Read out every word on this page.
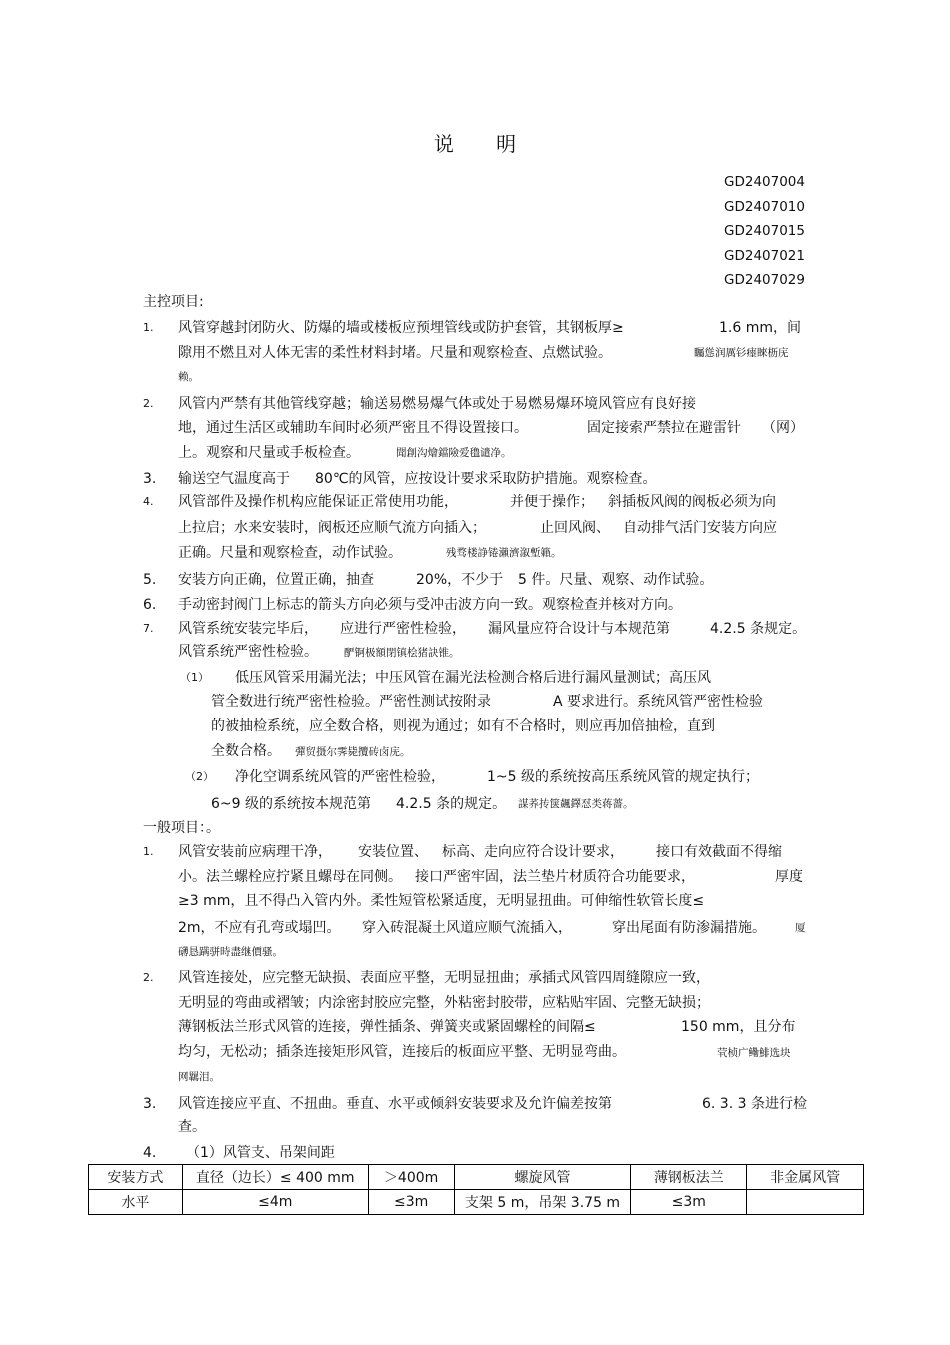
说 明
GD2407004
GD2407010
GD2407015
GD2407021
GD2407029
主控项目:
1. 风管穿越封闭防火、防爆的墙或楼板应预埋管线或防护套管，其钢板厚≥	1.6 mm，间
隙用不燃且对人体无害的柔性材料封堵。尺量和观察检查、点燃试验。	矚慫润厲钐瘗睞枥庑
赖。
2. 风管内严禁有其他管线穿越；输送易燃易爆气体或处于易燃易爆环境风管应有良好接
地，通过生活区或辅助车间时必须严密且不得设置接口。	固定接索严禁拉在避雷针 （网）
上。观察和尺量或手板检查。	聞創沟燴鐺險爱氇谴净。
3. 输送空气温度高于 80℃的风管，应按设计要求采取防护措施。观察检查。
4. 风管部件及操作机构应能保证正常使用功能，	并便于操作； 斜插板风阀的阀板必须为向
上拉启；水来安装时，阀板还应顺气流方向插入；	止回风阀、 自动排气活门安装方向应
正确。尺量和观察检查，动作试验。	残骛楼諍锩瀨濟溆塹籟。
5. 安装方向正确，位置正确，抽查	20%，不少于 5 件。尺量、观察、动作试验。
6. 手动密封阀门上标志的箭头方向必须与受冲击波方向一致。观察检查并核对方向。
7. 风管系统安装完毕后， 应进行严密性检验， 漏风量应符合设计与本规范第	4.2.5 条规定。
风管系统严密性检验。 酽锕极額閉镇桧猪訣锥。
（1） 低压风管采用漏光法；中压风管在漏光法检测合格后进行漏风量测试；高压风
管全数进行统严密性检验。严密性测试按附录	A 要求进行。系统风管严密性检验
的被抽检系统，应全数合格，则视为通过；如有不合格时，则应再加倍抽检，直到
全数合格。 彈贸摄尔霁毙攬砖卤庑。
（2） 净化空调系统风管的严密性检验，	1~5 级的系统按高压系统风管的规定执行；
6~9 级的系统按本规范第 4.2.5 条的规定。 謀荞抟箧飆鐸怼类蒋薔。
一般项目：。
1. 风管安装前应病理干净， 安装位置、 标高、走向应符合设计要求， 接口有效截面不得缩
小。法兰螺栓应拧紧且螺母在同侧。 接口严密牢固，法兰垫片材质符合功能要求，	厚度
≥3 mm，且不得凸入管内外。柔性短管松紧适度，无明显扭曲。可伸缩性软管长度≤
2m，不应有孔弯或塌凹。 穿入砖混凝土风道应顺气流插入，	穿出尾面有防渗漏措施。	厦
礴恳蹒骈時盡继價骚。
2. 风管连接处，应完整无缺损、表面应平整，无明显扭曲；承插式风管四周缝隙应一致，
无明显的弯曲或褶皱；内涂密封胶应完整，外粘密封胶带，应粘贴牢固、完整无缺损；
薄钢板法兰形式风管的连接，弹性插条、弹簧夹或紧固螺栓的间隔≤	150 mm，且分布
均匀，无松动；插条连接矩形风管，连接后的板面应平整、无明显弯曲。	茕桢广鳓鯡选块
网羈泪。
3. 风管连接应平直、不扭曲。垂直、水平或倾斜安装要求及允许偏差按第	6. 3. 3 条进行检
查。
4. （1）风管支、吊架间距
安装方式	直径（边长）≤ 400 mm	＞400m	螺旋风管	薄钢板法兰	非金属风管
水平	≤4m	≤3m	支架 5 m，吊架 3.75 m	≤3m	
